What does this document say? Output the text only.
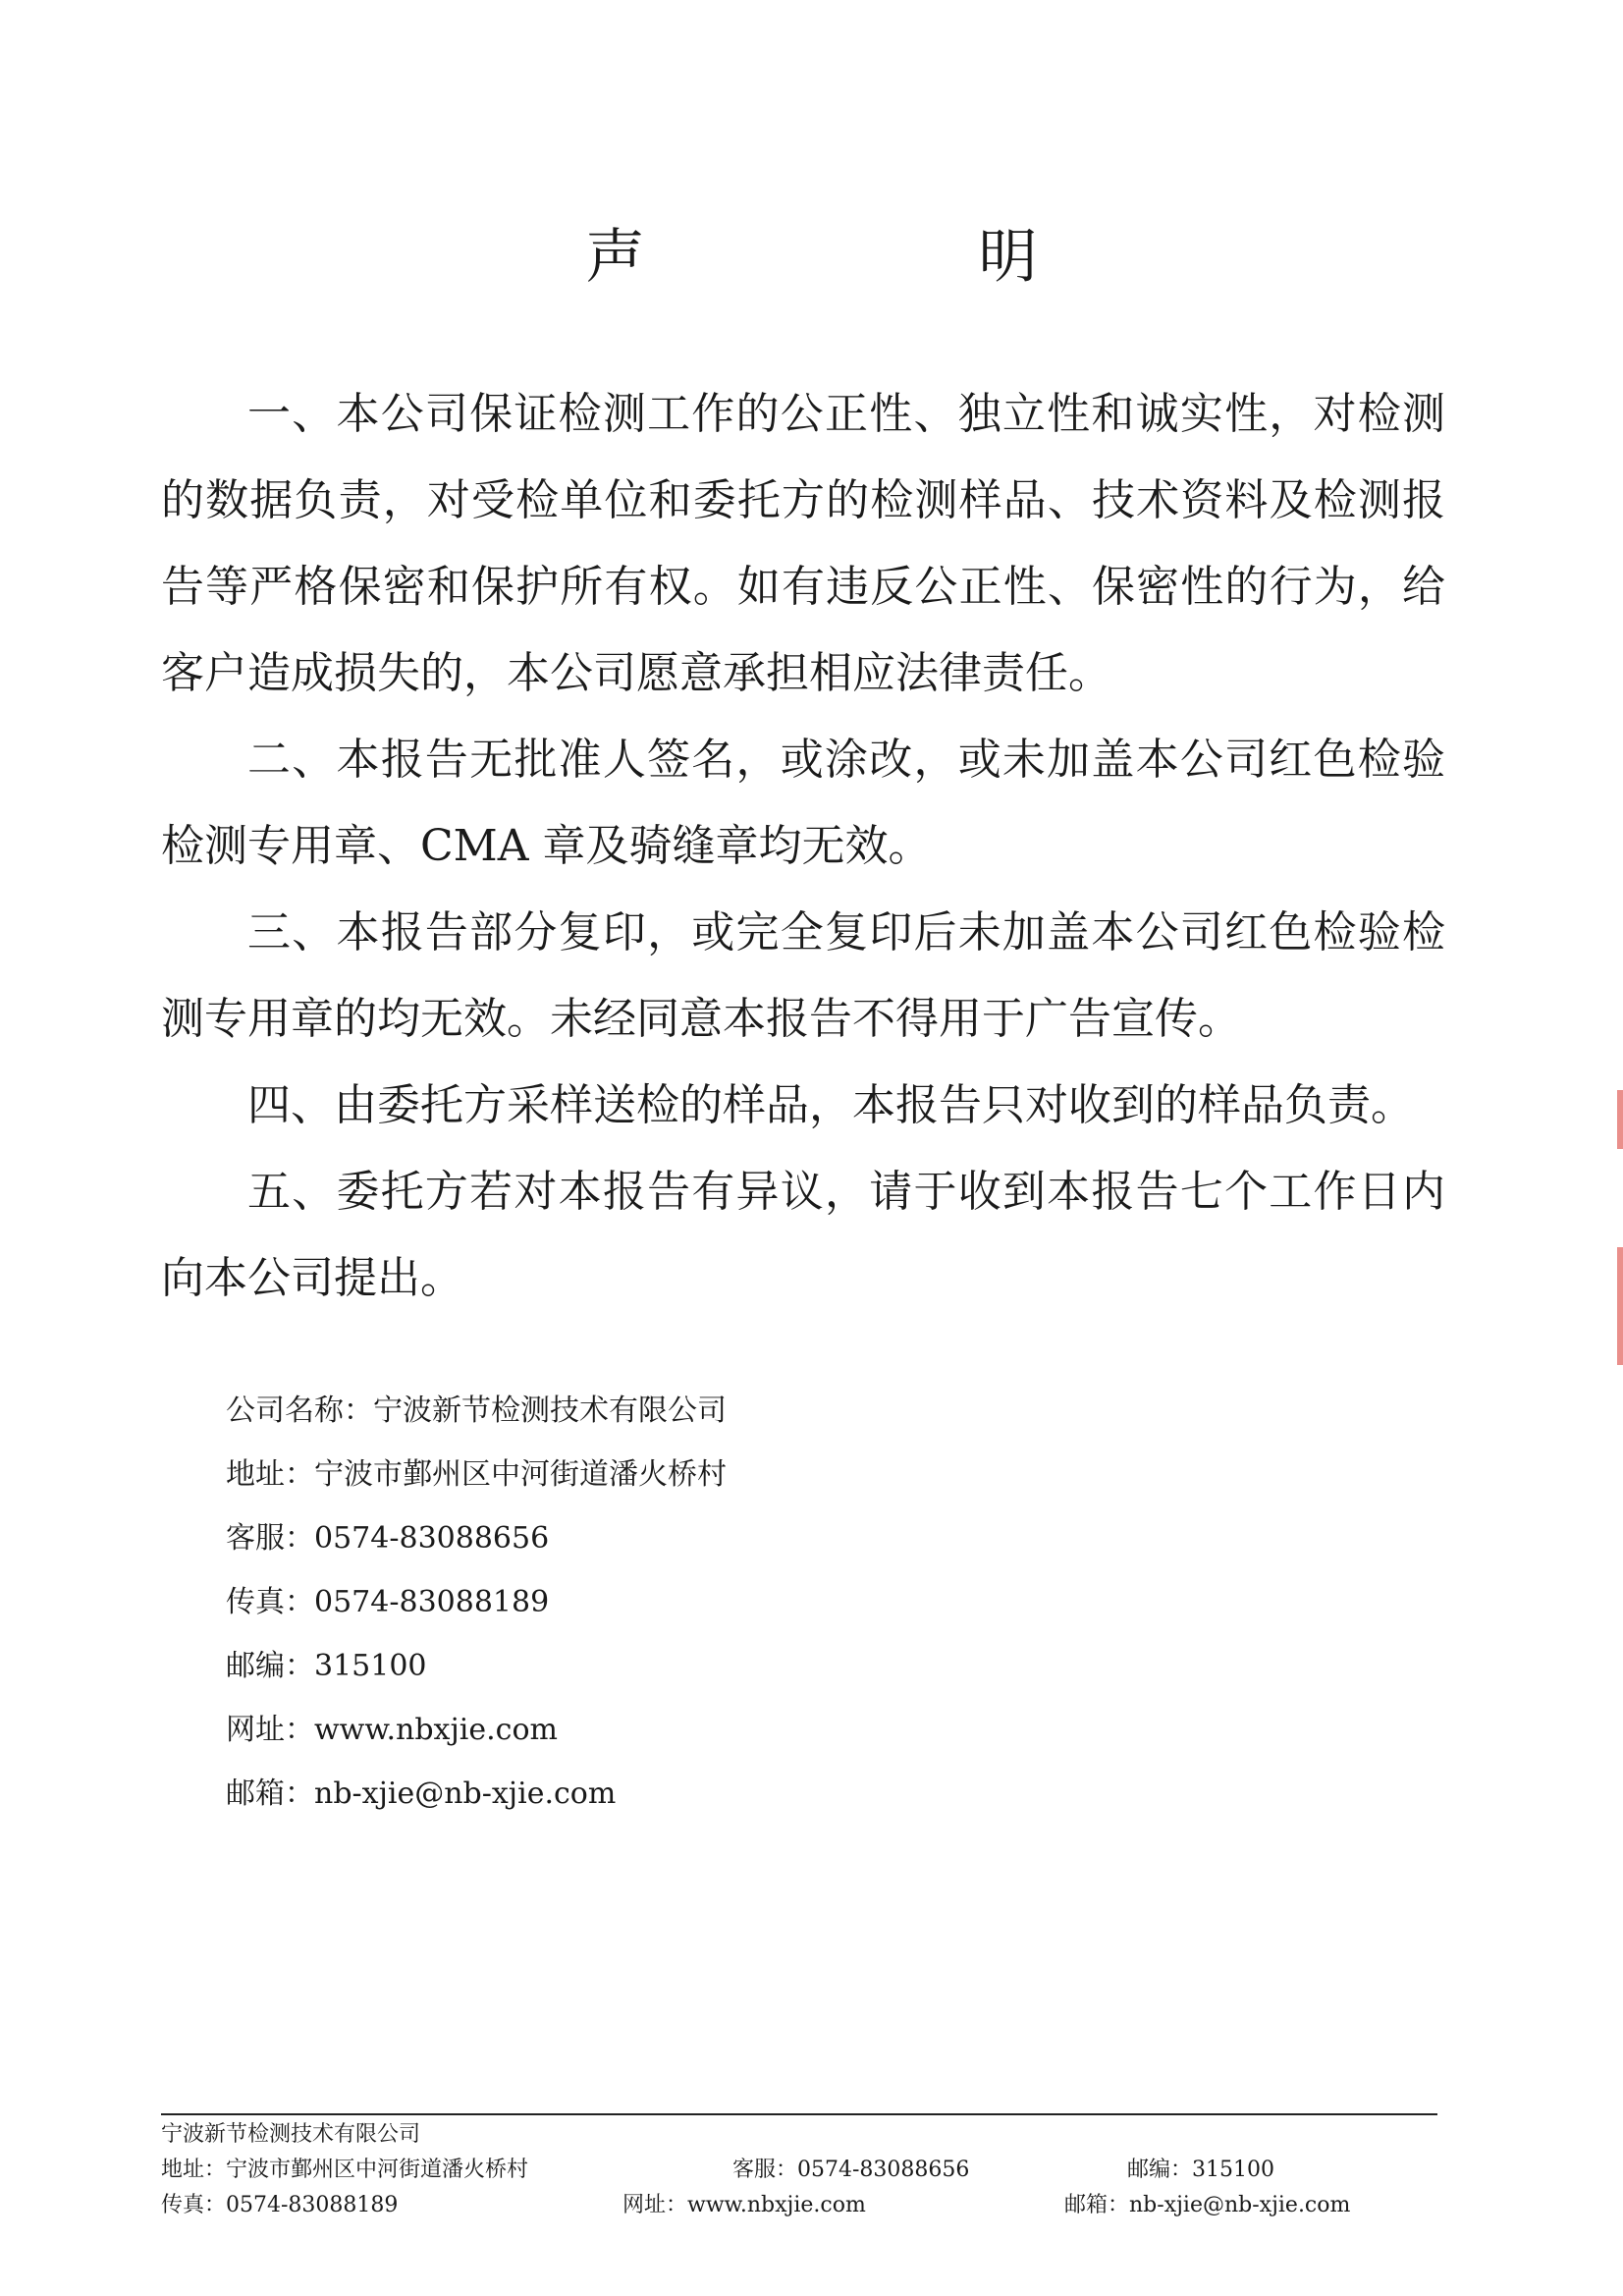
声　明

一、本公司保证检测工作的公正性、独立性和诚实性，对检测的数据负责，对受检单位和委托方的检测样品、技术资料及检测报告等严格保密和保护所有权。如有违反公正性、保密性的行为，给客户造成损失的，本公司愿意承担相应法律责任。

二、本报告无批准人签名，或涂改，或未加盖本公司红色检验检测专用章、CMA 章及骑缝章均无效。

三、本报告部分复印，或完全复印后未加盖本公司红色检验检测专用章的均无效。未经同意本报告不得用于广告宣传。

四、由委托方采样送检的样品，本报告只对收到的样品负责。

五、委托方若对本报告有异议，请于收到本报告七个工作日内向本公司提出。

公司名称：宁波新节检测技术有限公司
地址：宁波市鄞州区中河街道潘火桥村
客服：0574-83088656
传真：0574-83088189
邮编：315100
网址：www.nbxjie.com
邮箱：nb-xjie@nb-xjie.com
宁波新节检测技术有限公司
地址：宁波市鄞州区中河街道潘火桥村	客服：0574-83088656	邮编：315100
传真：0574-83088189	网址：www.nbxjie.com	邮箱：nb-xjie@nb-xjie.com
